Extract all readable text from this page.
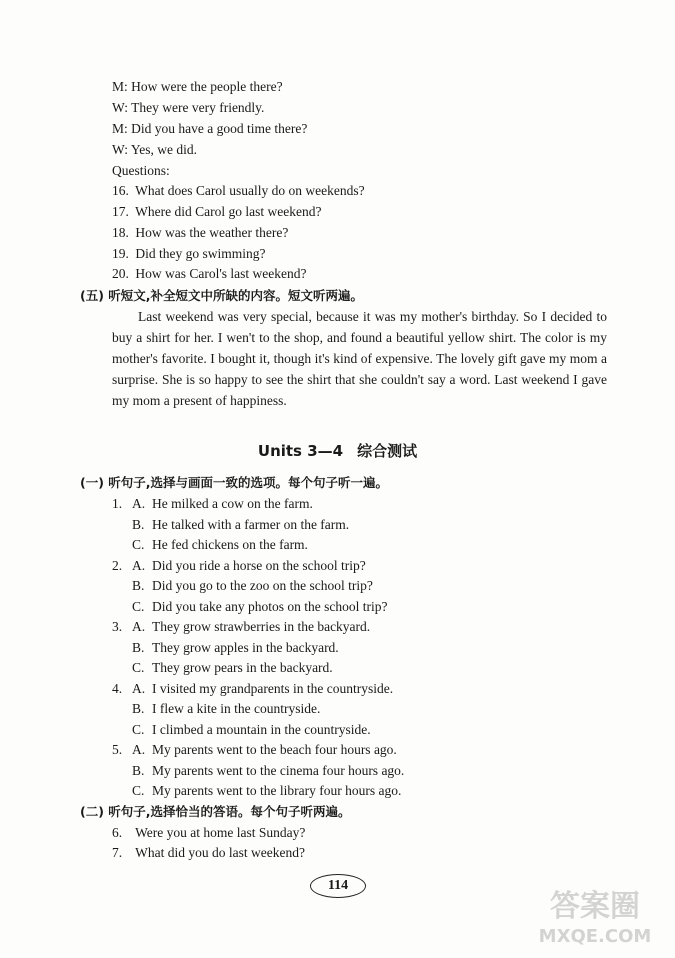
M: How were the people there?
W: They were very friendly.
M: Did you have a good time there?
W: Yes, we did.
Questions:
16. What does Carol usually do on weekends?
17. Where did Carol go last weekend?
18. How was the weather there?
19. Did they go swimming?
20. How was Carol's last weekend?
(五) 听短文,补全短文中所缺的内容。短文听两遍。
Last weekend was very special, because it was my mother's birthday. So I decided to buy a shirt for her. I wen't to the shop, and found a beautiful yellow shirt. The color is my mother's favorite. I bought it, though it's kind of expensive. The lovely gift gave my mom a surprise. She is so happy to see the shirt that she couldn't say a word. Last weekend I gave my mom a present of happiness.
Units 3—4 综合测试
(一) 听句子,选择与画面一致的选项。每个句子听一遍。
1. A. He milked a cow on the farm.
B. He talked with a farmer on the farm.
C. He fed chickens on the farm.
2. A. Did you ride a horse on the school trip?
B. Did you go to the zoo on the school trip?
C. Did you take any photos on the school trip?
3. A. They grow strawberries in the backyard.
B. They grow apples in the backyard.
C. They grow pears in the backyard.
4. A. I visited my grandparents in the countryside.
B. I flew a kite in the countryside.
C. I climbed a mountain in the countryside.
5. A. My parents went to the beach four hours ago.
B. My parents went to the cinema four hours ago.
C. My parents went to the library four hours ago.
(二) 听句子,选择恰当的答语。每个句子听两遍。
6. Were you at home last Sunday?
7. What did you do last weekend?
114
答案圈
MXQE.COM
